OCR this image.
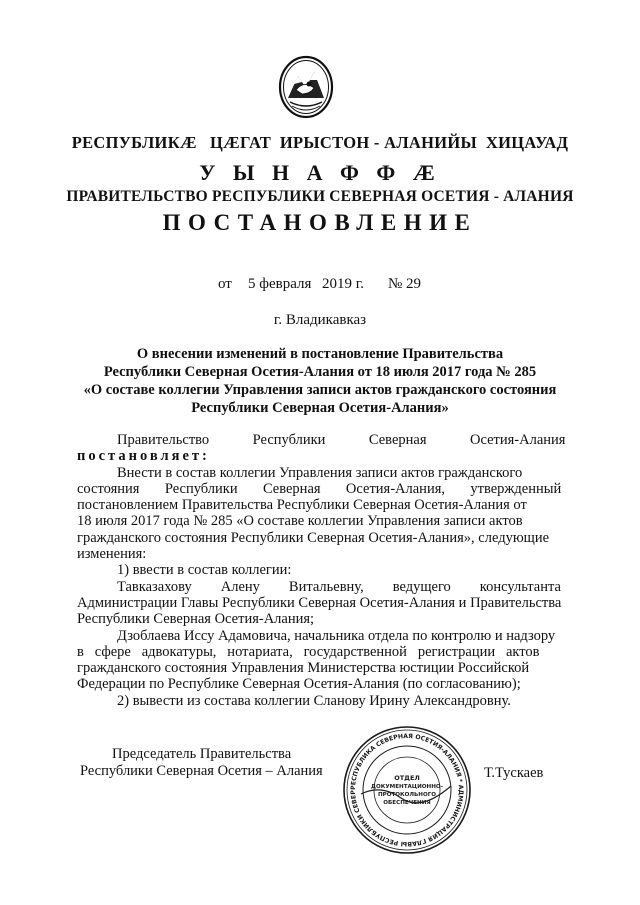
РЕСПУБЛИКÆ   ЦÆГАТ  ИРЫСТОН - АЛАНИЙЫ  ХИЦАУАД
У Ы Н А Ф Ф Æ
ПРАВИТЕЛЬСТВО РЕСПУБЛИКИ СЕВЕРНАЯ ОСЕТИЯ - АЛАНИЯ
ПОСТАНОВЛЕНИЕ
от 5 февраля 2019 г. № 29
г. Владикавказ
О внесении изменений в постановление Правительства
Республики Северная Осетия-Алания от 18 июля 2017 года № 285
«О составе коллегии Управления записи актов гражданского состояния
Республики Северная Осетия-Алания»
Правительство            Республики            Северная            Осетия-Алания
постановляет:
Внести в состав коллегии Управления записи актов гражданского
состояния       Республики       Северная       Осетия-Алания,       утвержденный
постановлением Правительства Республики Северная Осетия-Алания от
18 июля 2017 года № 285 «О составе коллегии Управления записи актов
гражданского состояния Республики Северная Осетия-Алания», следующие
изменения:
1) ввести в состав коллегии:
Тавказахову        Алену        Витальевну,        ведущего        консультанта
Администрации Главы Республики Северная Осетия-Алания и Правительства
Республики Северная Осетия-Алания;
Дзоблаева Иссу Адамовича, начальника отдела по контролю и надзору
в   сфере   адвокатуры,   нотариата,   государственной   регистрации   актов
гражданского состояния Управления Министерства юстиции Российской
Федерации по Республике Северная Осетия-Алания (по согласованию);
2) вывести из состава коллегии Сланову Ирину Александровну.
Председатель Правительства
Республики Северная Осетия – Алания	Т.Тускаев
РЕСПУБЛИКА СЕВЕРНАЯ ОСЕТИЯ-АЛАНИЯ * АДМИНИСТРАЦИЯ ГЛАВЫ РЕСПУБЛИКИ СЕВЕР
ОТДЕЛ
ДОКУМЕНТАЦИОННО-
ПРОТОКОЛЬНОГО
ОБЕСПЕЧЕНИЯ
